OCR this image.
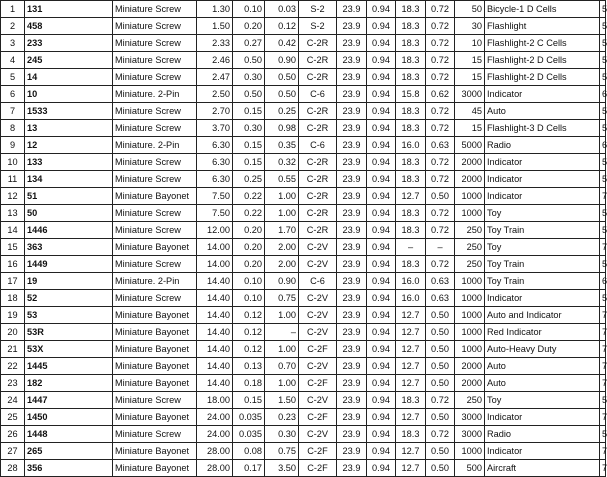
1	131	Miniature Screw	1.30	0.10	0.03	S-2	23.9	0.94	18.3	0.72	50	Bicycle-1 D Cells	5
2	458	Miniature Screw	1.50	0.20	0.12	S-2	23.9	0.94	18.3	0.72	30	Flashlight	5
3	233	Miniature Screw	2.33	0.27	0.42	C-2R	23.9	0.94	18.3	0.72	10	Flashlight-2 C Cells	5
4	245	Miniature Screw	2.46	0.50	0.90	C-2R	23.9	0.94	18.3	0.72	15	Flashlight-2 D Cells	5
5	14	Miniature Screw	2.47	0.30	0.50	C-2R	23.9	0.94	18.3	0.72	15	Flashlight-2 D Cells	5
6	10	Miniature. 2-Pin	2.50	0.50	0.50	C-6	23.9	0.94	15.8	0.62	3000	Indicator	6
7	1533	Miniature Screw	2.70	0.15	0.25	C-2R	23.9	0.94	18.3	0.72	45	Auto	5
8	13	Miniature Screw	3.70	0.30	0.98	C-2R	23.9	0.94	18.3	0.72	15	Flashlight-3 D Cells	5
9	12	Miniature. 2-Pin	6.30	0.15	0.35	C-6	23.9	0.94	16.0	0.63	5000	Radio	6
10	133	Miniature Screw	6.30	0.15	0.32	C-2R	23.9	0.94	18.3	0.72	2000	Indicator	5
11	134	Miniature Screw	6.30	0.25	0.55	C-2R	23.9	0.94	18.3	0.72	2000	Indicator	5
12	51	Miniature Bayonet	7.50	0.22	1.00	C-2R	23.9	0.94	12.7	0.50	1000	Indicator	7
13	50	Miniature Screw	7.50	0.22	1.00	C-2R	23.9	0.94	18.3	0.72	1000	Toy	5
14	1446	Miniature Screw	12.00	0.20	1.70	C-2R	23.9	0.94	18.3	0.72	250	Toy Train	5
15	363	Miniature Bayonet	14.00	0.20	2.00	C-2V	23.9	0.94	–	–	250	Toy	7
16	1449	Miniature Screw	14.00	0.20	2.00	C-2V	23.9	0.94	18.3	0.72	250	Toy Train	5
17	19	Miniature. 2-Pin	14.40	0.10	0.90	C-6	23.9	0.94	16.0	0.63	1000	Toy Train	6
18	52	Miniature Screw	14.40	0.10	0.75	C-2V	23.9	0.94	16.0	0.63	1000	Indicator	5
19	53	Miniature Bayonet	14.40	0.12	1.00	C-2V	23.9	0.94	12.7	0.50	1000	Auto and Indicator	7
20	53R	Miniature Bayonet	14.40	0.12	–	C-2V	23.9	0.94	12.7	0.50	1000	Red Indicator	7
21	53X	Miniature Bayonet	14.40	0.12	1.00	C-2F	23.9	0.94	12.7	0.50	1000	Auto-Heavy Duty	7
22	1445	Miniature Bayonet	14.40	0.13	0.70	C-2V	23.9	0.94	12.7	0.50	2000	Auto	7
23	182	Miniature Bayonet	14.40	0.18	1.00	C-2F	23.9	0.94	12.7	0.50	2000	Auto	7
24	1447	Miniature Screw	18.00	0.15	1.50	C-2V	23.9	0.94	18.3	0.72	250	Toy	5
25	1450	Miniature Bayonet	24.00	0.035	0.23	C-2F	23.9	0.94	12.7	0.50	3000	Indicator	7
26	1448	Miniature Screw	24.00	0.035	0.30	C-2V	23.9	0.94	18.3	0.72	3000	Radio	5
27	265	Miniature Bayonet	28.00	0.08	0.75	C-2F	23.9	0.94	12.7	0.50	1000	Indicator	7
28	356	Miniature Bayonet	28.00	0.17	3.50	C-2F	23.9	0.94	12.7	0.50	500	Aircraft	7
